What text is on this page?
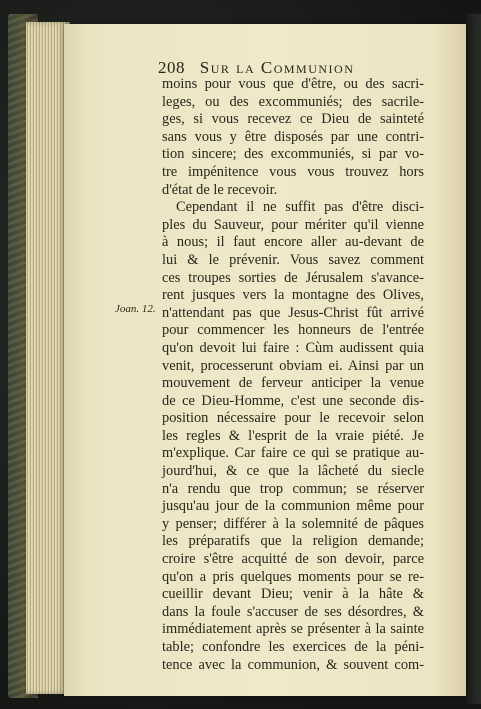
208 Sur la Communion
Joan. 12.
moins pour vous que d'être, ou des sacri-
leges, ou des excommuniés; des sacrile-
ges, si vous recevez ce Dieu de sainteté
sans vous y être disposés par une contri-
tion sincere; des excommuniés, si par vo-
tre impénitence vous vous trouvez hors
d'état de le recevoir.
Cependant il ne suffit pas d'être disci-
ples du Sauveur, pour mériter qu'il vienne
à nous; il faut encore aller au-devant de
lui & le prévenir. Vous savez comment
ces troupes sorties de Jérusalem s'avance-
rent jusques vers la montagne des Olives,
n'attendant pas que Jesus-Christ fût arrivé
pour commencer les honneurs de l'entrée
qu'on devoit lui faire : Cùm audissent quia
venit, processerunt obviam ei. Ainsi par un
mouvement de ferveur anticiper la venue
de ce Dieu-Homme, c'est une seconde dis-
position nécessaire pour le recevoir selon
les regles & l'esprit de la vraie piété. Je
m'explique. Car faire ce qui se pratique au-
jourd'hui, & ce que la lâcheté du siecle
n'a rendu que trop commun; se réserver
jusqu'au jour de la communion même pour
y penser; différer à la solemnité de pâques
les préparatifs que la religion demande;
croire s'être acquitté de son devoir, parce
qu'on a pris quelques moments pour se re-
cueillir devant Dieu; venir à la hâte &
dans la foule s'accuser de ses désordres, &
immédiatement après se présenter à la sainte
table; confondre les exercices de la péni-
tence avec la communion, & souvent com-
